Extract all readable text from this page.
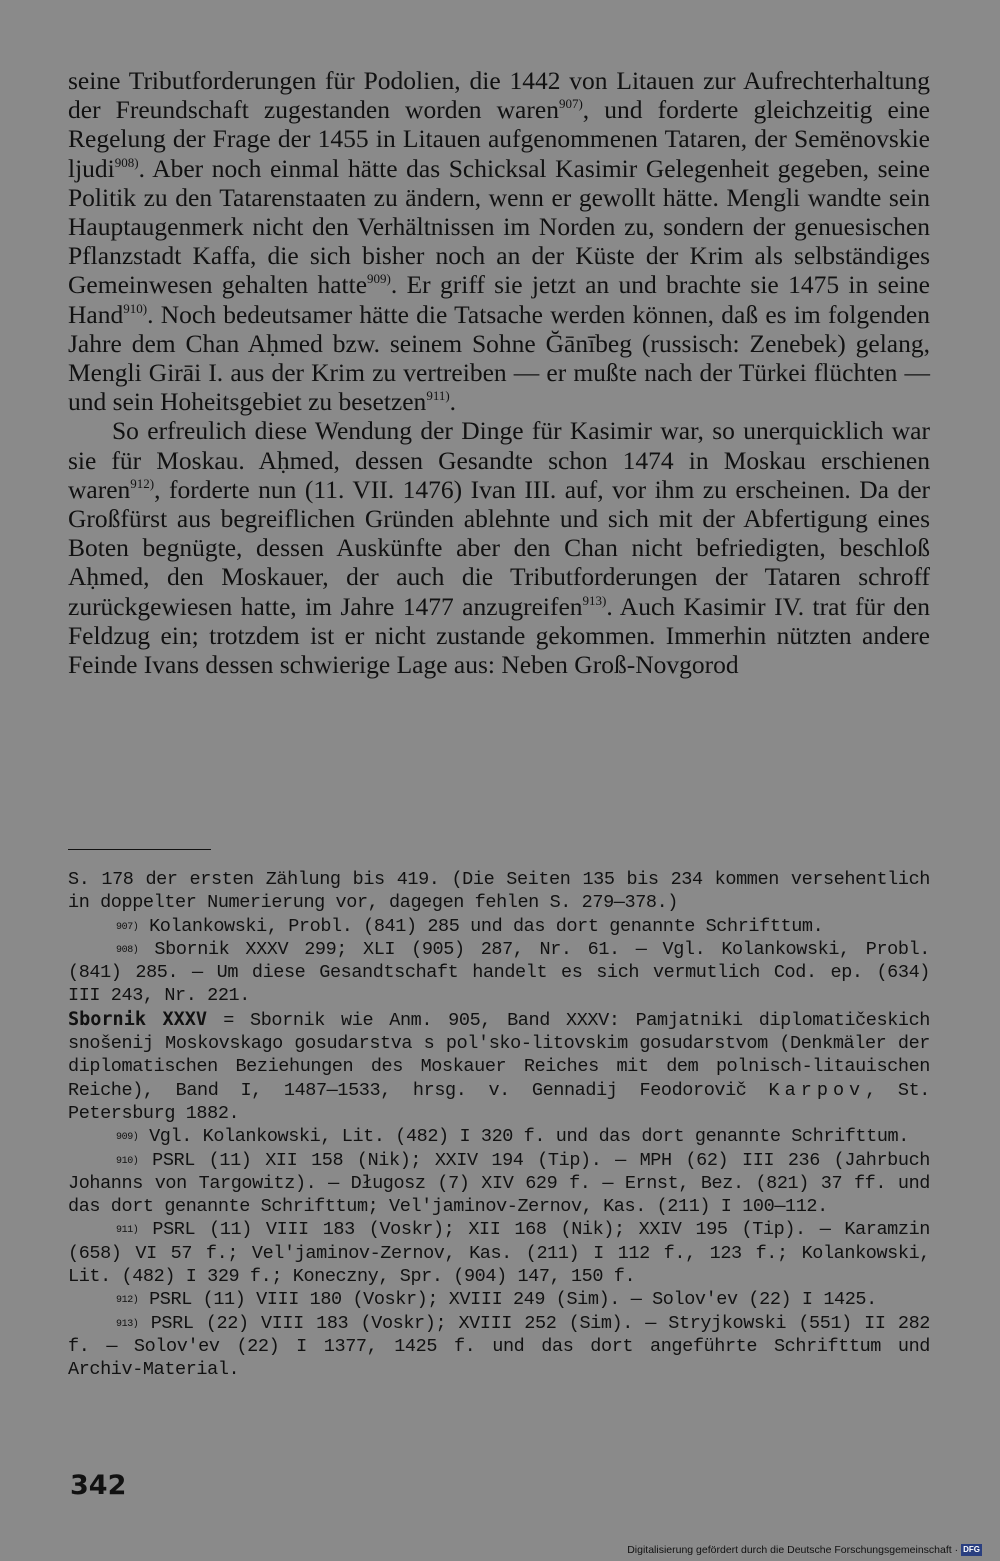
seine Tributforderungen für Podolien, die 1442 von Litauen zur Aufrechterhaltung der Freundschaft zugestanden worden waren$^{907)}$, und forderte gleichzeitig eine Regelung der Frage der 1455 in Litauen aufgenommenen Tataren, der Semënovskie ljudi$^{908)}$. Aber noch einmal hätte das Schicksal Kasimir Gelegenheit gegeben, seine Politik zu den Tatarenstaaten zu ändern, wenn er gewollt hätte. Mengli wandte sein Hauptaugenmerk nicht den Verhältnissen im Norden zu, sondern der genuesischen Pflanzstadt Kaffa, die sich bisher noch an der Küste der Krim als selbständiges Gemeinwesen gehalten hatte$^{909)}$. Er griff sie jetzt an und brachte sie 1475 in seine Hand$^{910)}$. Noch bedeutsamer hätte die Tatsache werden können, daß es im folgenden Jahre dem Chan Aḥmed bzw. seinem Sohne Ğānībeg (russisch: Zenebek) gelang, Mengli Girāi I. aus der Krim zu vertreiben — er mußte nach der Türkei flüchten — und sein Hoheitsgebiet zu besetzen$^{911)}$.

So erfreulich diese Wendung der Dinge für Kasimir war, so unerquicklich war sie für Moskau. Aḥmed, dessen Gesandte schon 1474 in Moskau erschienen waren$^{912)}$, forderte nun (11. VII. 1476) Ivan III. auf, vor ihm zu erscheinen. Da der Großfürst aus begreiflichen Gründen ablehnte und sich mit der Abfertigung eines Boten begnügte, dessen Auskünfte aber den Chan nicht befriedigten, beschloß Aḥmed, den Moskauer, der auch die Tributforderungen der Tataren schroff zurückgewiesen hatte, im Jahre 1477 anzugreifen$^{913)}$. Auch Kasimir IV. trat für den Feldzug ein; trotzdem ist er nicht zustande gekommen. Immerhin nützten andere Feinde Ivans dessen schwierige Lage aus: Neben Groß-Novgorod

S. 178 der ersten Zählung bis 419. (Die Seiten 135 bis 234 kommen versehentlich in doppelter Numerierung vor, dagegen fehlen S. 279—378.)

$^{907)}$ Kolankowski, Probl. (841) 285 und das dort genannte Schrifttum.

$^{908)}$ Sbornik XXXV 299; XLI (905) 287, Nr. 61. — Vgl. Kolankowski, Probl. (841) 285. — Um diese Gesandtschaft handelt es sich vermutlich Cod. ep. (634) III 243, Nr. 221.

Sbornik XXXV = Sbornik wie Anm. 905, Band XXXV: Pamjatniki diplomatičeskich snošenij Moskovskago gosudarstva s pol'sko-litovskim gosudarstvom (Denkmäler der diplomatischen Beziehungen des Moskauer Reiches mit dem polnisch-litauischen Reiche), Band I, 1487—1533, hrsg. v. Gennadij Feodorovič Karpov, St. Petersburg 1882.

$^{909)}$ Vgl. Kolankowski, Lit. (482) I 320 f. und das dort genannte Schrifttum.

$^{910)}$ PSRL (11) XII 158 (Nik); XXIV 194 (Tip). — MPH (62) III 236 (Jahrbuch Johanns von Targowitz). — Długosz (7) XIV 629 f. — Ernst, Bez. (821) 37 ff. und das dort genannte Schrifttum; Vel'jaminov-Zernov, Kas. (211) I 100—112.

$^{911)}$ PSRL (11) VIII 183 (Voskr); XII 168 (Nik); XXIV 195 (Tip). — Karamzin (658) VI 57 f.; Vel'jaminov-Zernov, Kas. (211) I 112 f., 123 f.; Kolankowski, Lit. (482) I 329 f.; Koneczny, Spr. (904) 147, 150 f.

$^{912)}$ PSRL (11) VIII 180 (Voskr); XVIII 249 (Sim). — Solov'ev (22) I 1425.

$^{913)}$ PSRL (22) VIII 183 (Voskr); XVIII 252 (Sim). — Stryjkowski (551) II 282 f. — Solov'ev (22) I 1377, 1425 f. und das dort angeführte Schrifttum und Archiv-Material.

342
Digitalisierung gefördert durch die Deutsche Forschungsgemeinschaft · DFG
